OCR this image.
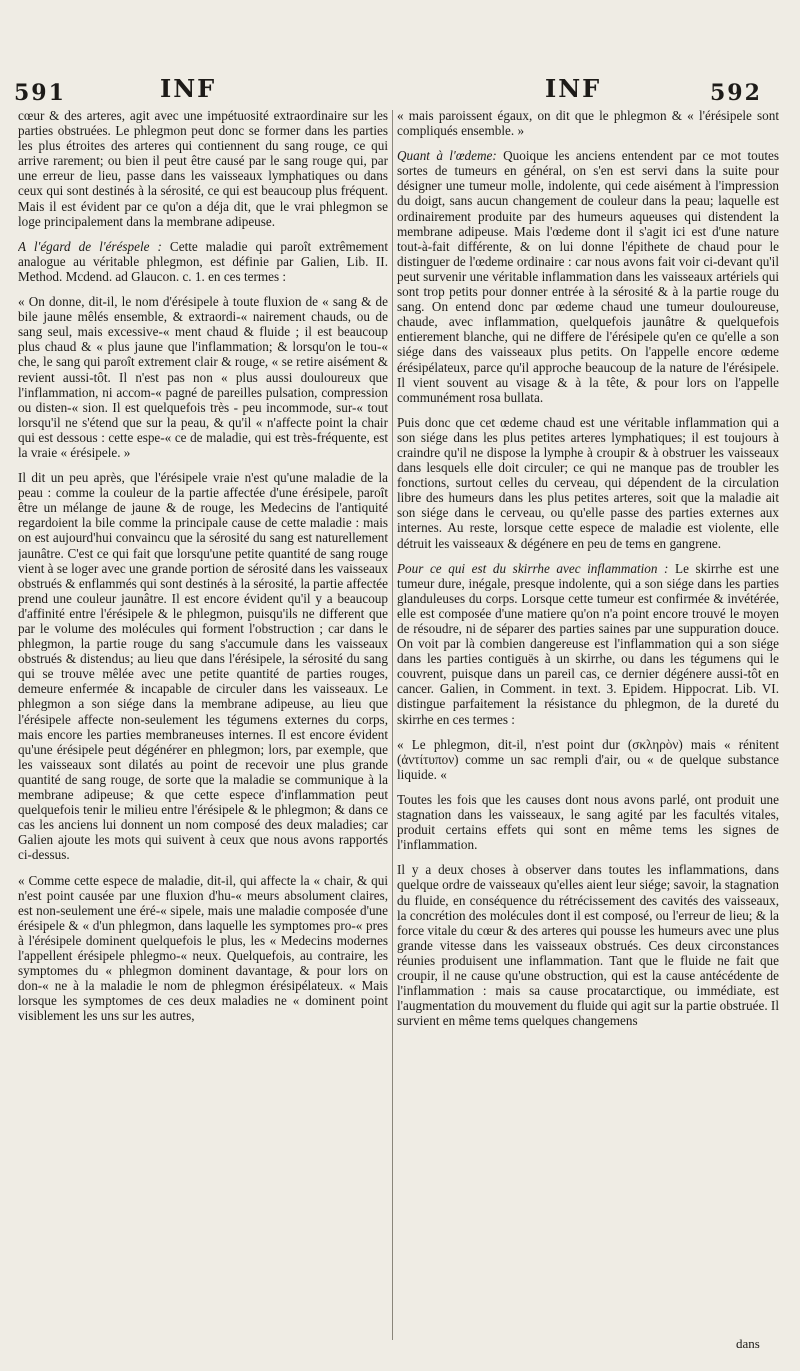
591	INF	INF	592

cœur & des arteres, agit avec une impétuosité extraordinaire sur les parties obstruées. Le phlegmon peut donc se former dans les parties les plus étroites des arteres qui contiennent du sang rouge, ce qui arrive rarement; ou bien il peut être causé par le sang rouge qui, par une erreur de lieu, passe dans les vaisseaux lymphatiques ou dans ceux qui sont destinés à la sérosité, ce qui est beaucoup plus fréquent. Mais il est évident par ce qu'on a déja dit, que le vrai phlegmon se loge principalement dans la membrane adipeuse.

A l'égard de l'éréspele : Cette maladie qui paroît extrêmement analogue au véritable phlegmon, est définie par Galien, Lib. II. Method. Mcdend. ad Glaucon. c. 1. en ces termes :

« On donne, dit-il, le nom d'érésipele à toute fluxion de « sang & de bile jaune mêlés ensemble, & extraordi-« nairement chauds, ou de sang seul, mais excessive-« ment chaud & fluide ; il est beaucoup plus chaud & « plus jaune que l'inflammation; & lorsqu'on le tou-« che, le sang qui paroît extrement clair & rouge, « se retire aisément & revient aussi-tôt. Il n'est pas non « plus aussi douloureux que l'inflammation, ni accom-« pagné de pareilles pulsation, compression ou disten-« sion. Il est quelquefois très - peu incommode, sur-« tout lorsqu'il ne s'étend que sur la peau, & qu'il « n'affecte point la chair qui est dessous : cette espe-« ce de maladie, qui est très-fréquente, est la vraie « érésipele. »

Il dit un peu après, que l'érésipele vraie n'est qu'une maladie de la peau : comme la couleur de la partie affectée d'une érésipele, paroît être un mélange de jaune & de rouge, les Medecins de l'antiquité regardoient la bile comme la principale cause de cette maladie : mais on est aujourd'hui convaincu que la sérosité du sang est naturellement jaunâtre. C'est ce qui fait que lorsqu'une petite quantité de sang rouge vient à se loger avec une grande portion de sérosité dans les vaisseaux obstrués & enflammés qui sont destinés à la sérosité, la partie affectée prend une couleur jaunâtre. Il est encore évident qu'il y a beaucoup d'affinité entre l'érésipele & le phlegmon, puisqu'ils ne different que par le volume des molécules qui forment l'obstruction ; car dans le phlegmon, la partie rouge du sang s'accumule dans les vaisseaux obstrués & distendus; au lieu que dans l'érésipele, la sérosité du sang qui se trouve mêlée avec une petite quantité de parties rouges, demeure enfermée & incapable de circuler dans les vaisseaux. Le phlegmon a son siége dans la membrane adipeuse, au lieu que l'érésipele affecte non-seulement les tégumens externes du corps, mais encore les parties membraneuses internes. Il est encore évident qu'une érésipele peut dégénérer en phlegmon; lors, par exemple, que les vaisseaux sont dilatés au point de recevoir une plus grande quantité de sang rouge, de sorte que la maladie se communique à la membrane adipeuse; & que cette espece d'inflammation peut quelquefois tenir le milieu entre l'érésipele & le phlegmon; & dans ce cas les anciens lui donnent un nom composé des deux maladies; car Galien ajoute les mots qui suivent à ceux que nous avons rapportés ci-dessus.

« Comme cette espece de maladie, dit-il, qui affecte la « chair, & qui n'est point causée par une fluxion d'hu-« meurs absolument claires, est non-seulement une éré-« sipele, mais une maladie composée d'une érésipele & « d'un phlegmon, dans laquelle les symptomes pro-« pres à l'érésipele dominent quelquefois le plus, les « Medecins modernes l'appellent érésipele phlegmo-« neux. Quelquefois, au contraire, les symptomes du « phlegmon dominent davantage, & pour lors on don-« ne à la maladie le nom de phlegmon érésipélateux. « Mais lorsque les symptomes de ces deux maladies ne « dominent point visiblement les uns sur les autres,

« mais paroissent égaux, on dit que le phlegmon & « l'érésipele sont compliqués ensemble. »

Quant à l'œdeme: Quoique les anciens entendent par ce mot toutes sortes de tumeurs en général, on s'en est servi dans la suite pour désigner une tumeur molle, indolente, qui cede aisément à l'impression du doigt, sans aucun changement de couleur dans la peau; laquelle est ordinairement produite par des humeurs aqueuses qui distendent la membrane adipeuse. Mais l'œdeme dont il s'agit ici est d'une nature tout-à-fait différente, & on lui donne l'épithete de chaud pour le distinguer de l'œdeme ordinaire : car nous avons fait voir ci-devant qu'il peut survenir une véritable inflammation dans les vaisseaux artériels qui sont trop petits pour donner entrée à la sérosité & à la partie rouge du sang. On entend donc par œdeme chaud une tumeur douloureuse, chaude, avec inflammation, quelquefois jaunâtre & quelquefois entierement blanche, qui ne differe de l'érésipele qu'en ce qu'elle a son siége dans des vaisseaux plus petits. On l'appelle encore œdeme érésipélateux, parce qu'il approche beaucoup de la nature de l'érésipele. Il vient souvent au visage & à la tête, & pour lors on l'appelle communément rosa bullata.

Puis donc que cet œdeme chaud est une véritable inflammation qui a son siége dans les plus petites arteres lymphatiques; il est toujours à craindre qu'il ne dispose la lymphe à croupir & à obstruer les vaisseaux dans lesquels elle doit circuler; ce qui ne manque pas de troubler les fonctions, surtout celles du cerveau, qui dépendent de la circulation libre des humeurs dans les plus petites arteres, soit que la maladie ait son siége dans le cerveau, ou qu'elle passe des parties externes aux internes. Au reste, lorsque cette espece de maladie est violente, elle détruit les vaisseaux & dégénere en peu de tems en gangrene.

Pour ce qui est du skirrhe avec inflammation : Le skirrhe est une tumeur dure, inégale, presque indolente, qui a son siége dans les parties glanduleuses du corps. Lorsque cette tumeur est confirmée & invétérée, elle est composée d'une matiere qu'on n'a point encore trouvé le moyen de résoudre, ni de séparer des parties saines par une suppuration douce. On voit par là combien dangereuse est l'inflammation qui a son siége dans les parties contiguës à un skirrhe, ou dans les tégumens qui le couvrent, puisque dans un pareil cas, ce dernier dégénere aussi-tôt en cancer. Galien, in Comment. in text. 3. Epidem. Hippocrat. Lib. VI. distingue parfaitement la résistance du phlegmon, de la dureté du skirrhe en ces termes :

« Le phlegmon, dit-il, n'est point dur (σκληρὸν) mais « rénitent (ἀντίτυπον) comme un sac rempli d'air, ou « de quelque substance liquide. «

Toutes les fois que les causes dont nous avons parlé, ont produit une stagnation dans les vaisseaux, le sang agité par les facultés vitales, produit certains effets qui sont en même tems les signes de l'inflammation.

Il y a deux choses à observer dans toutes les inflammations, dans quelque ordre de vaisseaux qu'elles aient leur siége; savoir, la stagnation du fluide, en conséquence du rétrécissement des cavités des vaisseaux, la concrétion des molécules dont il est composé, ou l'erreur de lieu; & la force vitale du cœur & des arteres qui pousse les humeurs avec une plus grande vitesse dans les vaisseaux obstrués. Ces deux circonstances réunies produisent une inflammation. Tant que le fluide ne fait que croupir, il ne cause qu'une obstruction, qui est la cause antécédente de l'inflammation : mais sa cause procatarctique, ou immédiate, est l'augmentation du mouvement du fluide qui agit sur la partie obstruée. Il survient en même tems quelques changemens

dans
